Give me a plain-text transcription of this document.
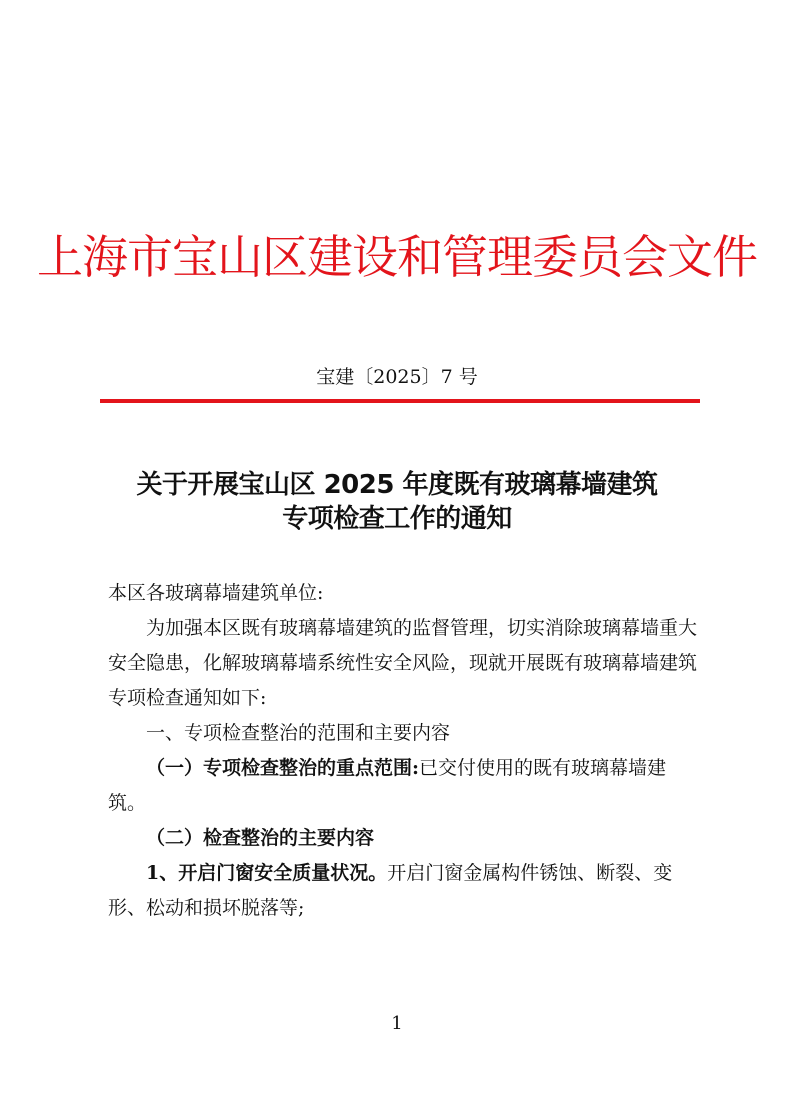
上海市宝山区建设和管理委员会文件
宝建〔2025〕7 号
关于开展宝山区 2025 年度既有玻璃幕墙建筑
专项检查工作的通知

本区各玻璃幕墙建筑单位:

为加强本区既有玻璃幕墙建筑的监督管理，切实消除玻璃幕墙重大安全隐患，化解玻璃幕墙系统性安全风险，现就开展既有玻璃幕墙建筑专项检查通知如下:

一、专项检查整治的范围和主要内容

（一）专项检查整治的重点范围:已交付使用的既有玻璃幕墙建筑。

（二）检查整治的主要内容

1、开启门窗安全质量状况。开启门窗金属构件锈蚀、断裂、变形、松动和损坏脱落等;

1
